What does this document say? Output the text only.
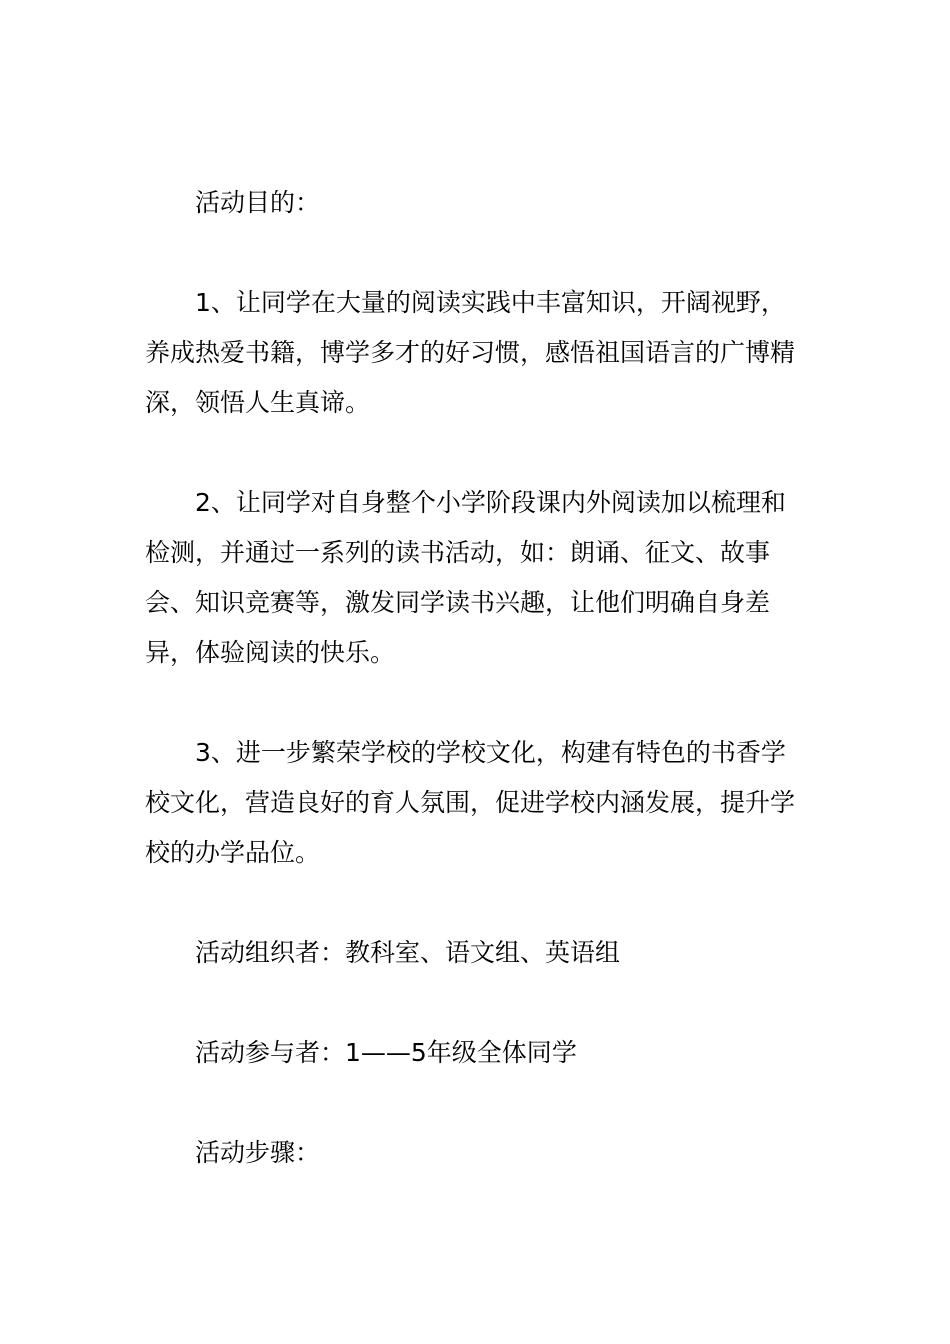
活动目的：

1、让同学在大量的阅读实践中丰富知识，开阔视野，养成热爱书籍，博学多才的好习惯，感悟祖国语言的广博精深，领悟人生真谛。

2、让同学对自身整个小学阶段课内外阅读加以梳理和检测，并通过一系列的读书活动，如：朗诵、征文、故事会、知识竞赛等，激发同学读书兴趣，让他们明确自身差异，体验阅读的快乐。

3、进一步繁荣学校的学校文化，构建有特色的书香学校文化，营造良好的育人氛围，促进学校内涵发展，提升学校的办学品位。

活动组织者：教科室、语文组、英语组

活动参与者：1——5年级全体同学

活动步骤：
